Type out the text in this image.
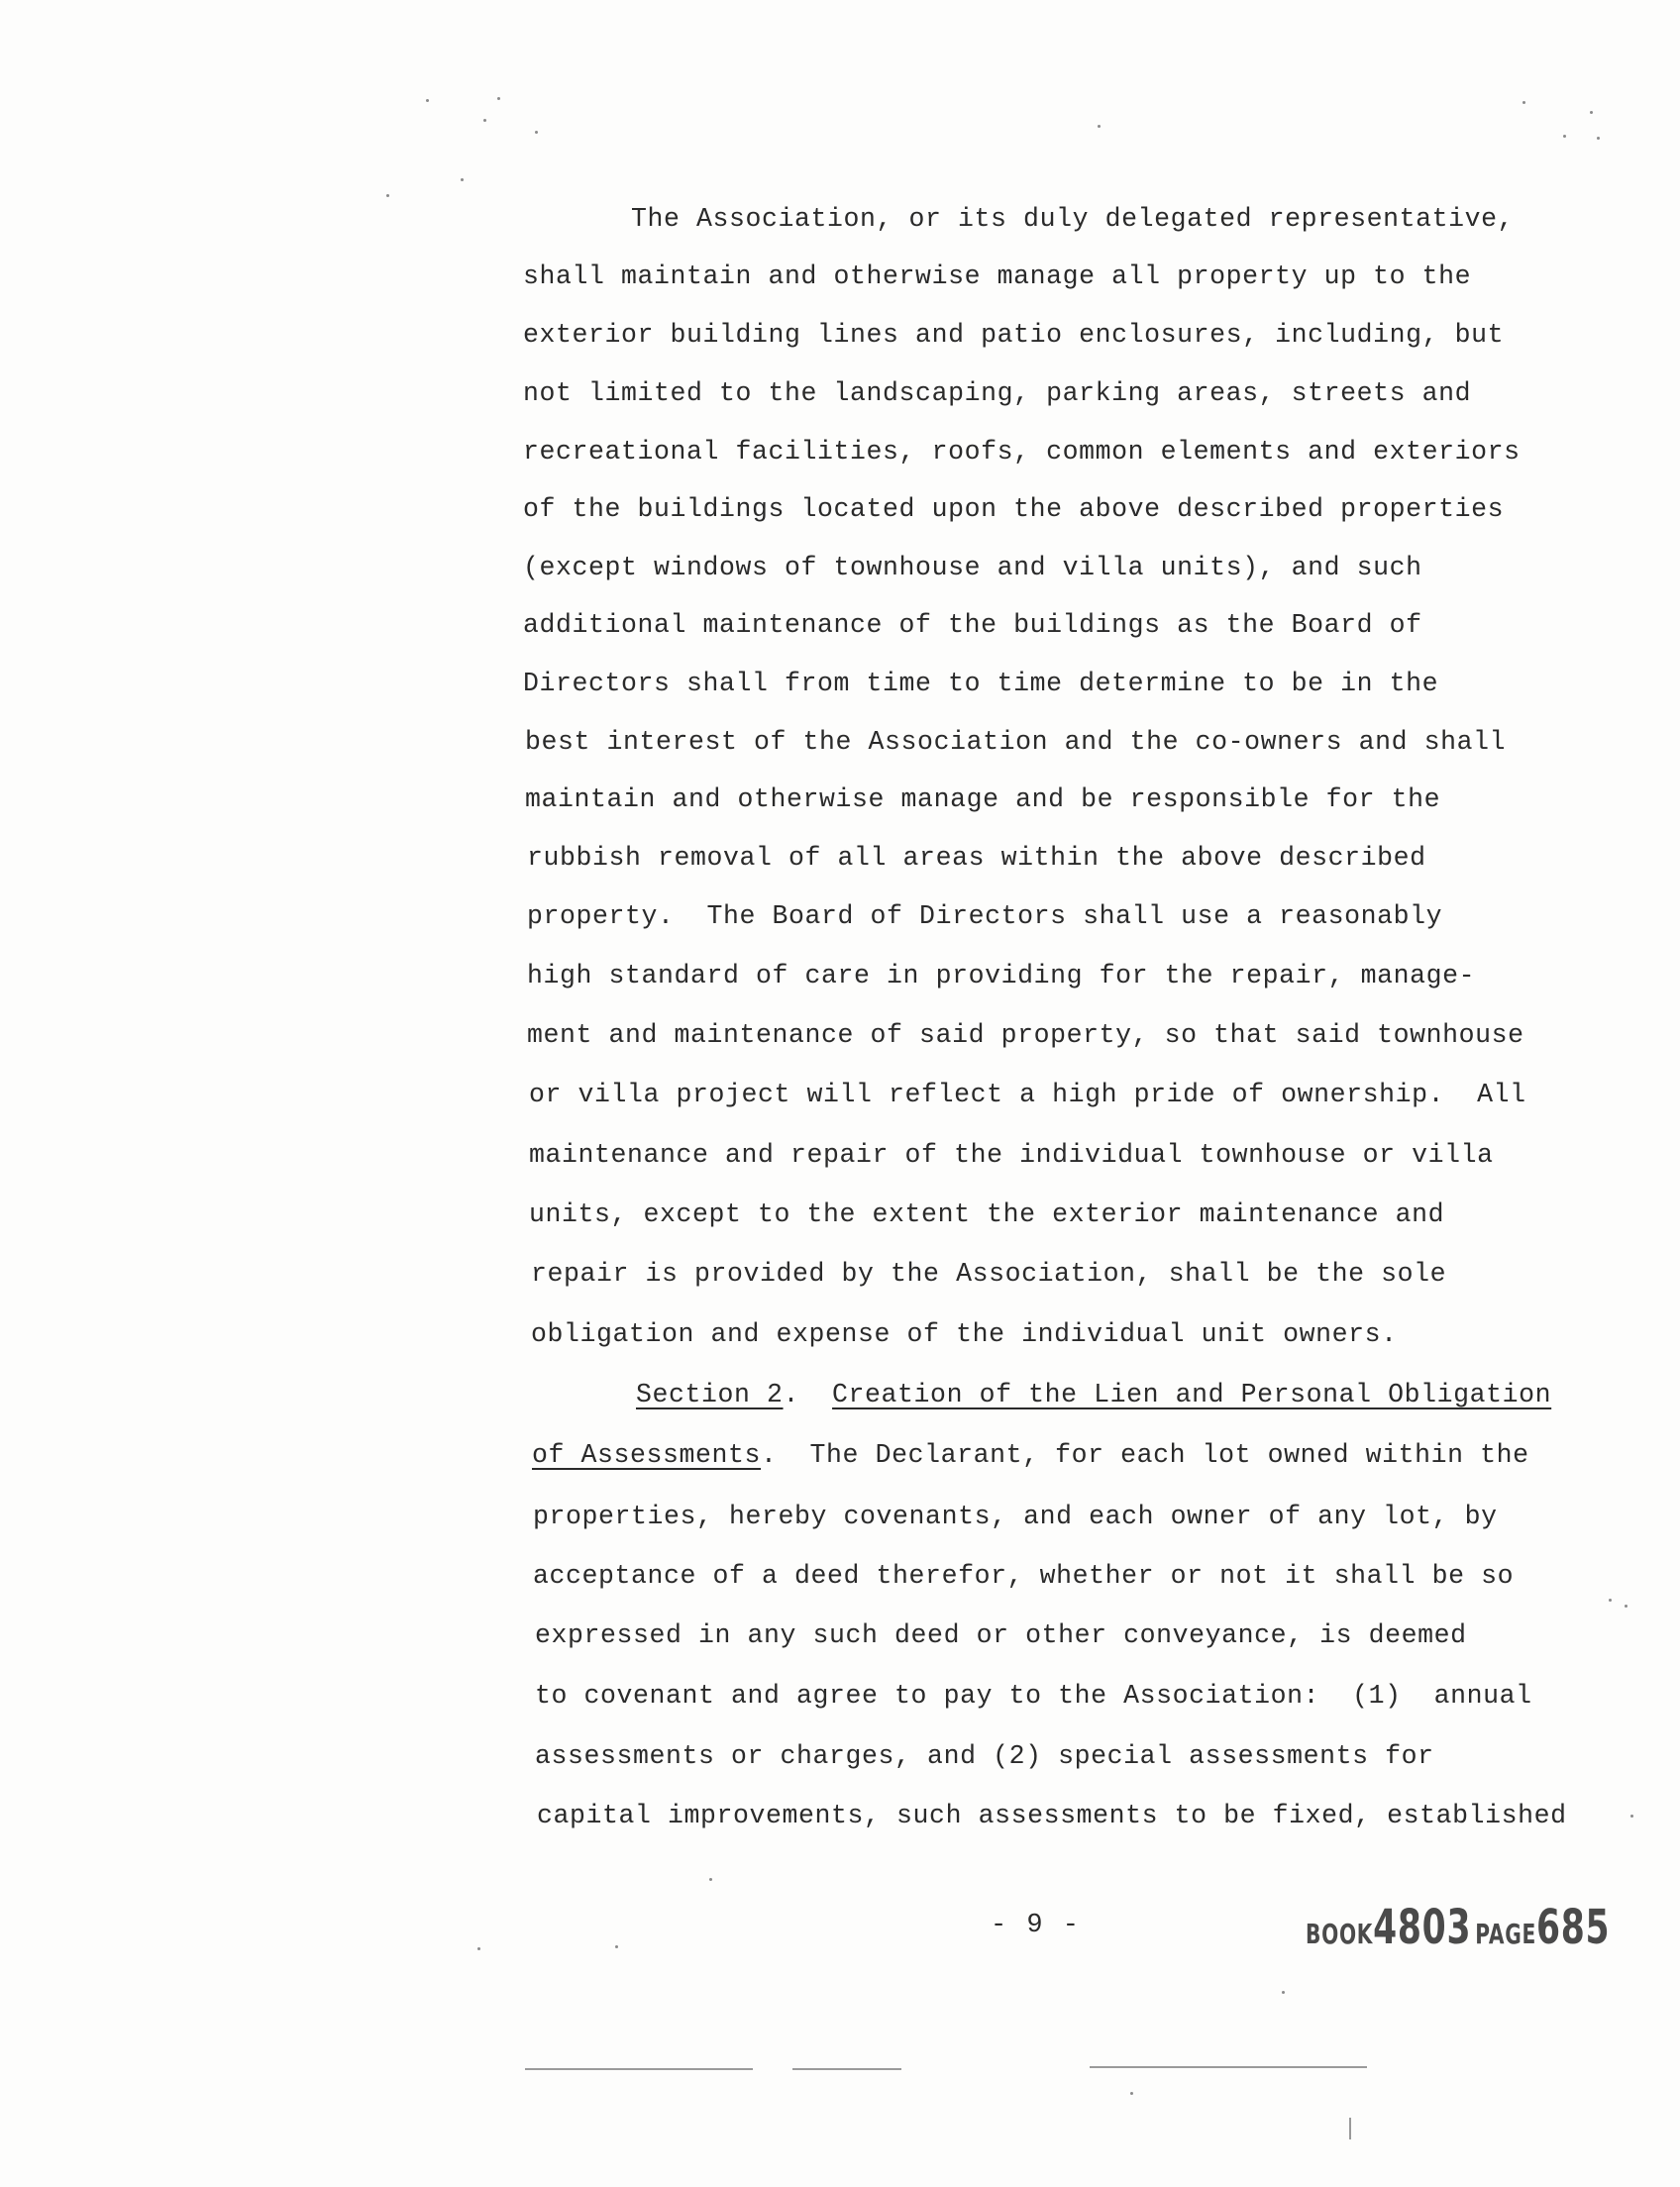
The Association, or its duly delegated representative,
shall maintain and otherwise manage all property up to the
exterior building lines and patio enclosures, including, but
not limited to the landscaping, parking areas, streets and
recreational facilities, roofs, common elements and exteriors
of the buildings located upon the above described properties
(except windows of townhouse and villa units), and such
additional maintenance of the buildings as the Board of
Directors shall from time to time determine to be in the
best interest of the Association and the co-owners and shall
maintain and otherwise manage and be responsible for the
rubbish removal of all areas within the above described
property.  The Board of Directors shall use a reasonably
high standard of care in providing for the repair, manage-
ment and maintenance of said property, so that said townhouse
or villa project will reflect a high pride of ownership.  All
maintenance and repair of the individual townhouse or villa
units, except to the extent the exterior maintenance and
repair is provided by the Association, shall be the sole
obligation and expense of the individual unit owners.
Section 2.  Creation of the Lien and Personal Obligation
of Assessments.  The Declarant, for each lot owned within the
properties, hereby covenants, and each owner of any lot, by
acceptance of a deed therefor, whether or not it shall be so
expressed in any such deed or other conveyance, is deemed
to covenant and agree to pay to the Association:  (1)  annual
assessments or charges, and (2) special assessments for
capital improvements, such assessments to be fixed, established
- 9 -	BOOK4803 PAGE685
